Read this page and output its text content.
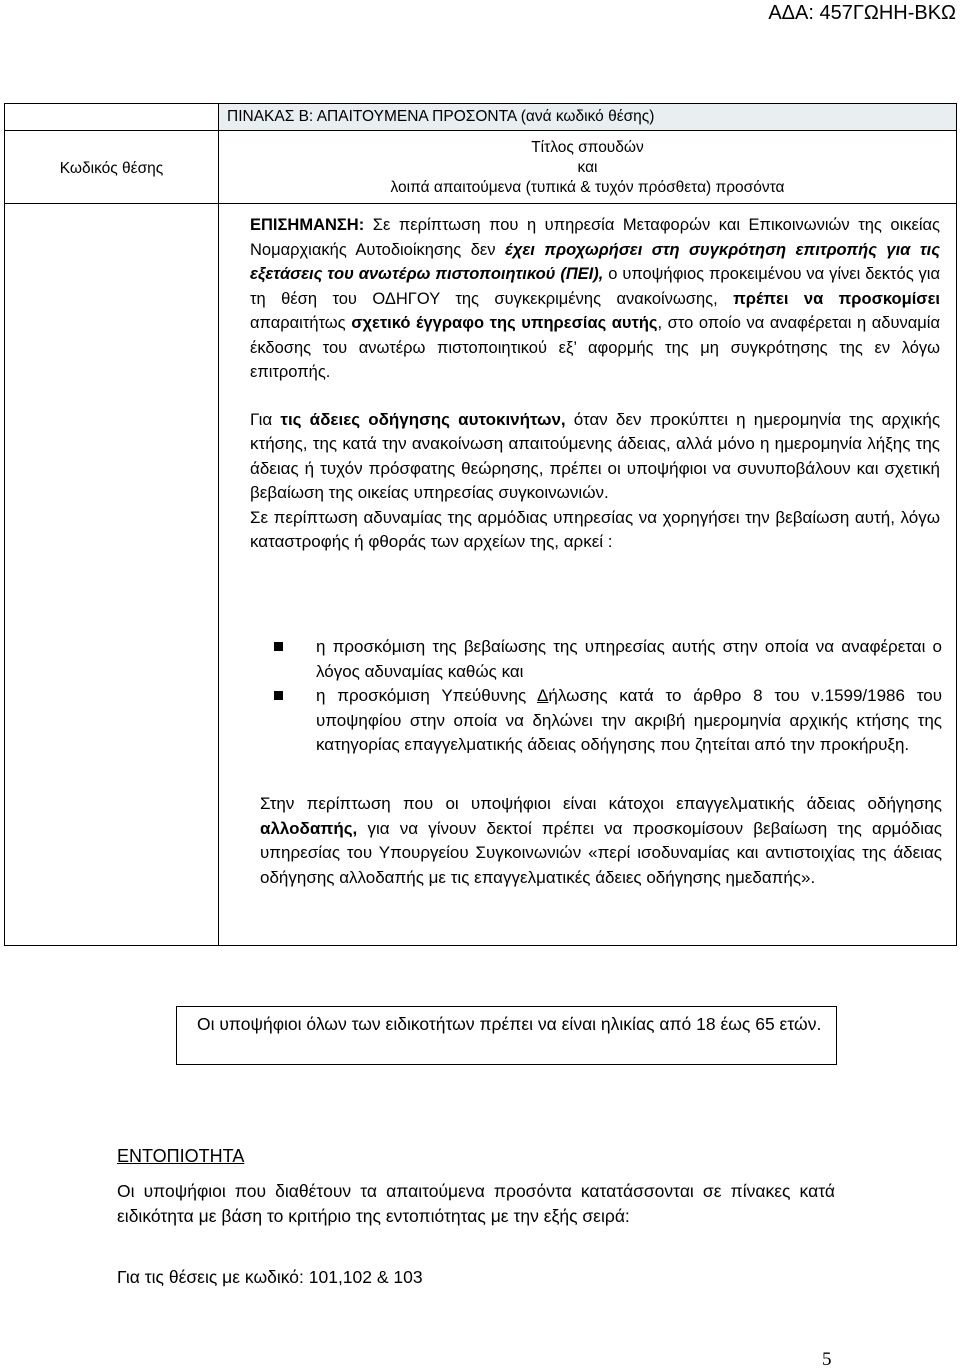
ΑΔΑ: 457ΓΩΗΗ-ΒΚΩ
ΠΙΝΑΚΑΣ Β: ΑΠΑΙΤΟΥΜΕΝΑ ΠΡΟΣΟΝΤΑ (ανά κωδικό θέσης)
Κωδικός θέσης
Τίτλος σπουδών
και
λοιπά απαιτούμενα (τυπικά & τυχόν πρόσθετα) προσόντα

ΕΠΙΣΗΜΑΝΣΗ: Σε περίπτωση που η υπηρεσία Μεταφορών και Επικοινωνιών της οικείας Νομαρχιακής Αυτοδιοίκησης δεν έχει προχωρήσει στη συγκρότηση επιτροπής για τις εξετάσεις του ανωτέρω πιστοποιητικού (ΠΕΙ), ο υποψήφιος προκειμένου να γίνει δεκτός για τη θέση του ΟΔΗΓΟΥ της συγκεκριμένης ανακοίνωσης, πρέπει να προσκομίσει απαραιτήτως σχετικό έγγραφο της υπηρεσίας αυτής, στο οποίο να αναφέρεται η αδυναμία έκδοσης του ανωτέρω πιστοποιητικού εξ’ αφορμής της μη συγκρότησης της εν λόγω επιτροπής.

Για τις άδειες οδήγησης αυτοκινήτων, όταν δεν προκύπτει η ημερομηνία της αρχικής κτήσης, της κατά την ανακοίνωση απαιτούμενης άδειας, αλλά μόνο η ημερομηνία λήξης της άδειας ή τυχόν πρόσφατης θεώρησης, πρέπει οι υποψήφιοι να συνυποβάλουν και σχετική βεβαίωση της οικείας υπηρεσίας συγκοινωνιών.

Σε περίπτωση αδυναμίας της αρμόδιας υπηρεσίας να χορηγήσει την βεβαίωση αυτή, λόγω καταστροφής ή φθοράς των αρχείων της, αρκεί :

η προσκόμιση της βεβαίωσης της υπηρεσίας αυτής στην οποία να αναφέρεται ο λόγος αδυναμίας καθώς και
η προσκόμιση Υπεύθυνης Δήλωσης κατά το άρθρο 8 του ν.1599/1986 του υποψηφίου στην οποία να δηλώνει την ακριβή ημερομηνία αρχικής κτήσης της κατηγορίας επαγγελματικής άδειας οδήγησης που ζητείται από την προκήρυξη.

Στην περίπτωση που οι υποψήφιοι είναι κάτοχοι επαγγελματικής άδειας οδήγησης αλλοδαπής, για να γίνουν δεκτοί πρέπει να προσκομίσουν βεβαίωση της αρμόδιας υπηρεσίας του Υπουργείου Συγκοινωνιών «περί ισοδυναμίας και αντιστοιχίας της άδειας οδήγησης αλλοδαπής με τις επαγγελματικές άδειες οδήγησης ημεδαπής».

Οι υποψήφιοι όλων των ειδικοτήτων πρέπει να είναι ηλικίας από 18 έως 65 ετών.
ΕΝΤΟΠΙΟΤΗΤΑ

Οι υποψήφιοι που διαθέτουν τα απαιτούμενα προσόντα κατατάσσονται σε πίνακες κατά ειδικότητα με βάση το κριτήριο της εντοπιότητας με την εξής σειρά:

Για τις θέσεις με κωδικό: 101,102 & 103
5
